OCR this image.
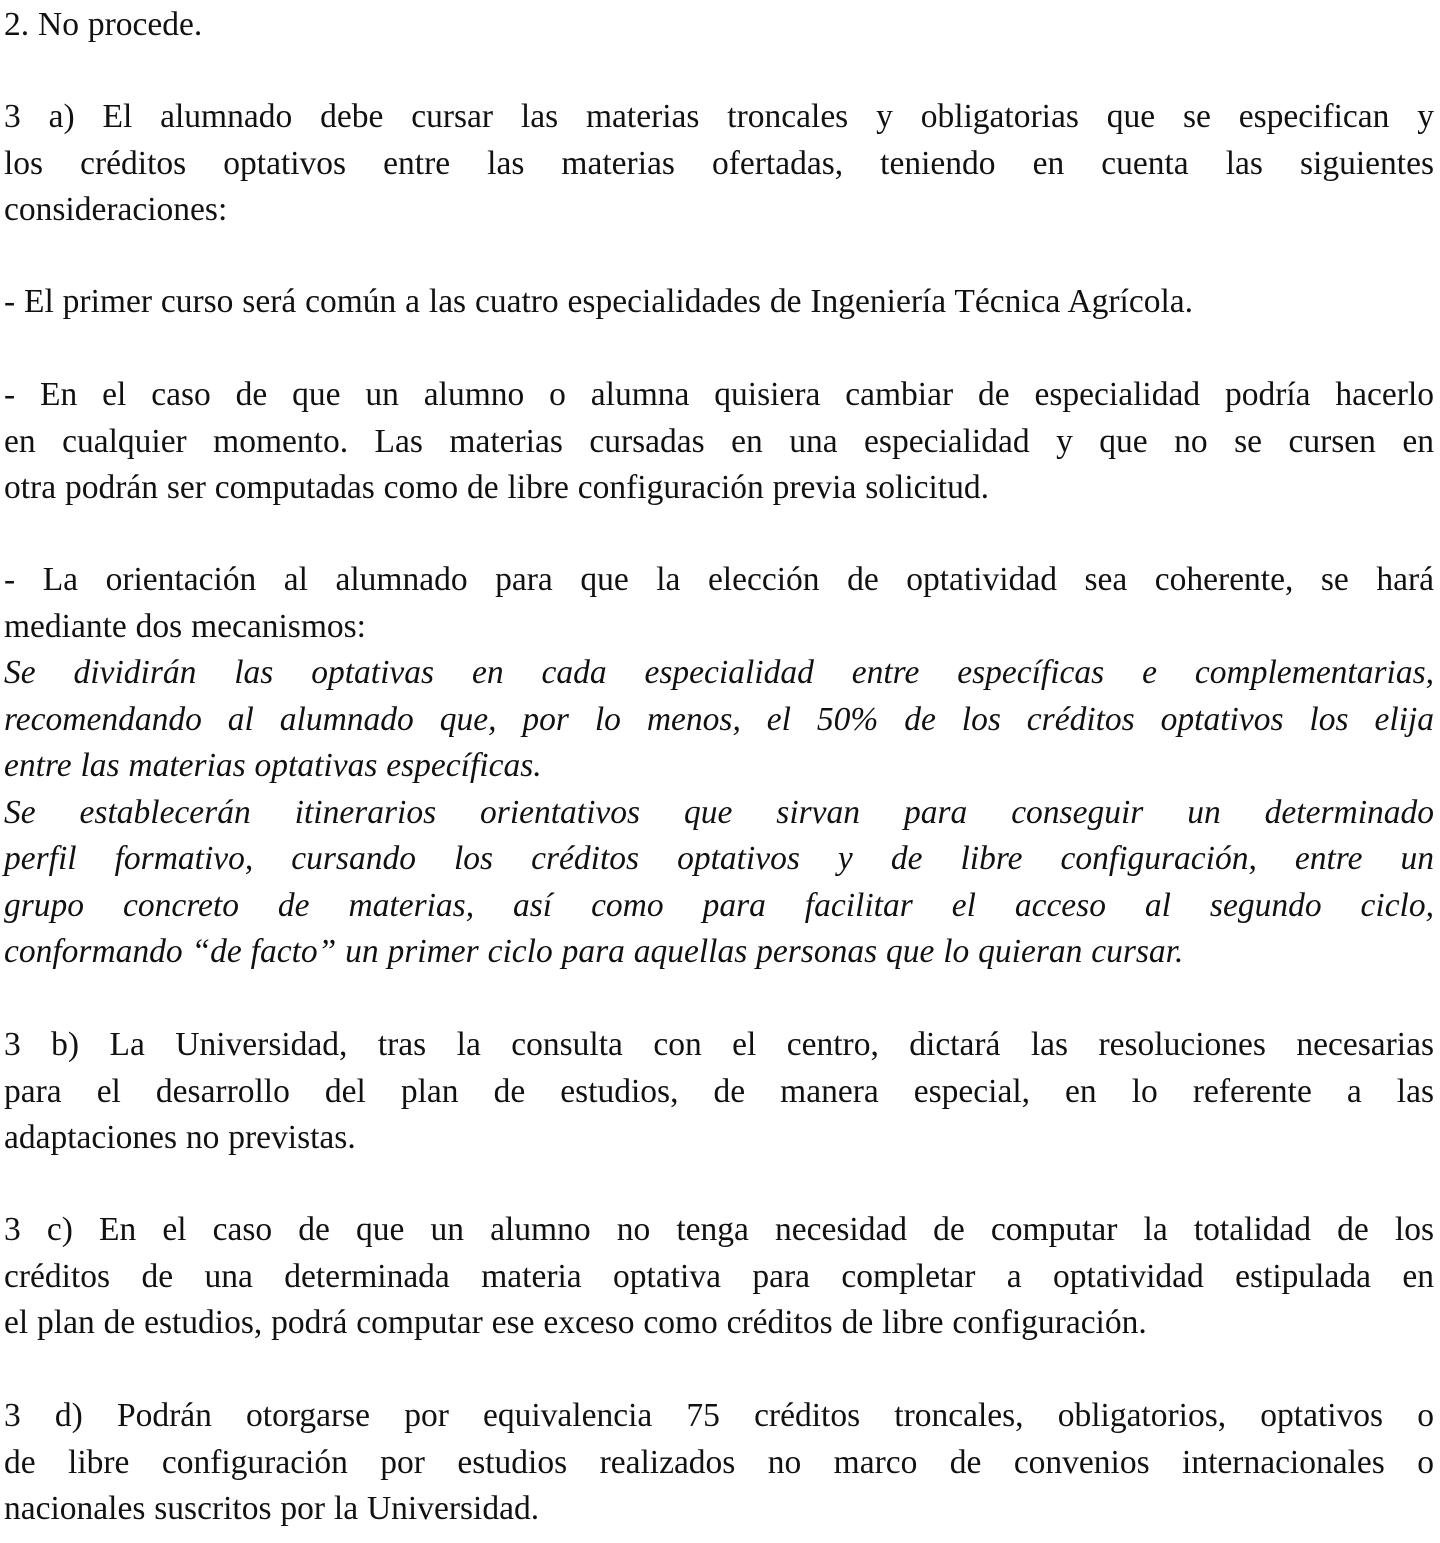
2. No procede.

3 a) El alumnado debe cursar las materias troncales y obligatorias que se especifican y
los créditos optativos entre las materias ofertadas, teniendo en cuenta las siguientes
consideraciones:

- El primer curso será común a las cuatro especialidades de Ingeniería Técnica Agrícola.

- En el caso de que un alumno o alumna quisiera cambiar de especialidad podría hacerlo
en cualquier momento. Las materias cursadas en una especialidad y que no se cursen en
otra podrán ser computadas como de libre configuración previa solicitud.

- La orientación al alumnado para que la elección de optatividad sea coherente, se hará
mediante dos mecanismos:
Se dividirán las optativas en cada especialidad entre específicas e complementarias,
recomendando al alumnado que, por lo menos, el 50% de los créditos optativos los elija
entre las materias optativas específicas.
Se establecerán itinerarios orientativos que sirvan para conseguir un determinado
perfil formativo, cursando los créditos optativos y de libre configuración, entre un
grupo concreto de materias, así como para facilitar el acceso al segundo ciclo,
conformando “de facto” un primer ciclo para aquellas personas que lo quieran cursar.

3 b) La Universidad, tras la consulta con el centro, dictará las resoluciones necesarias
para el desarrollo del plan de estudios, de manera especial, en lo referente a las
adaptaciones no previstas.

3 c) En el caso de que un alumno no tenga necesidad de computar la totalidad de los
créditos de una determinada materia optativa para completar a optatividad estipulada en
el plan de estudios, podrá computar ese exceso como créditos de libre configuración.

3 d) Podrán otorgarse por equivalencia 75 créditos troncales, obligatorios, optativos o
de libre configuración por estudios realizados no marco de convenios internacionales o
nacionales suscritos por la Universidad.
